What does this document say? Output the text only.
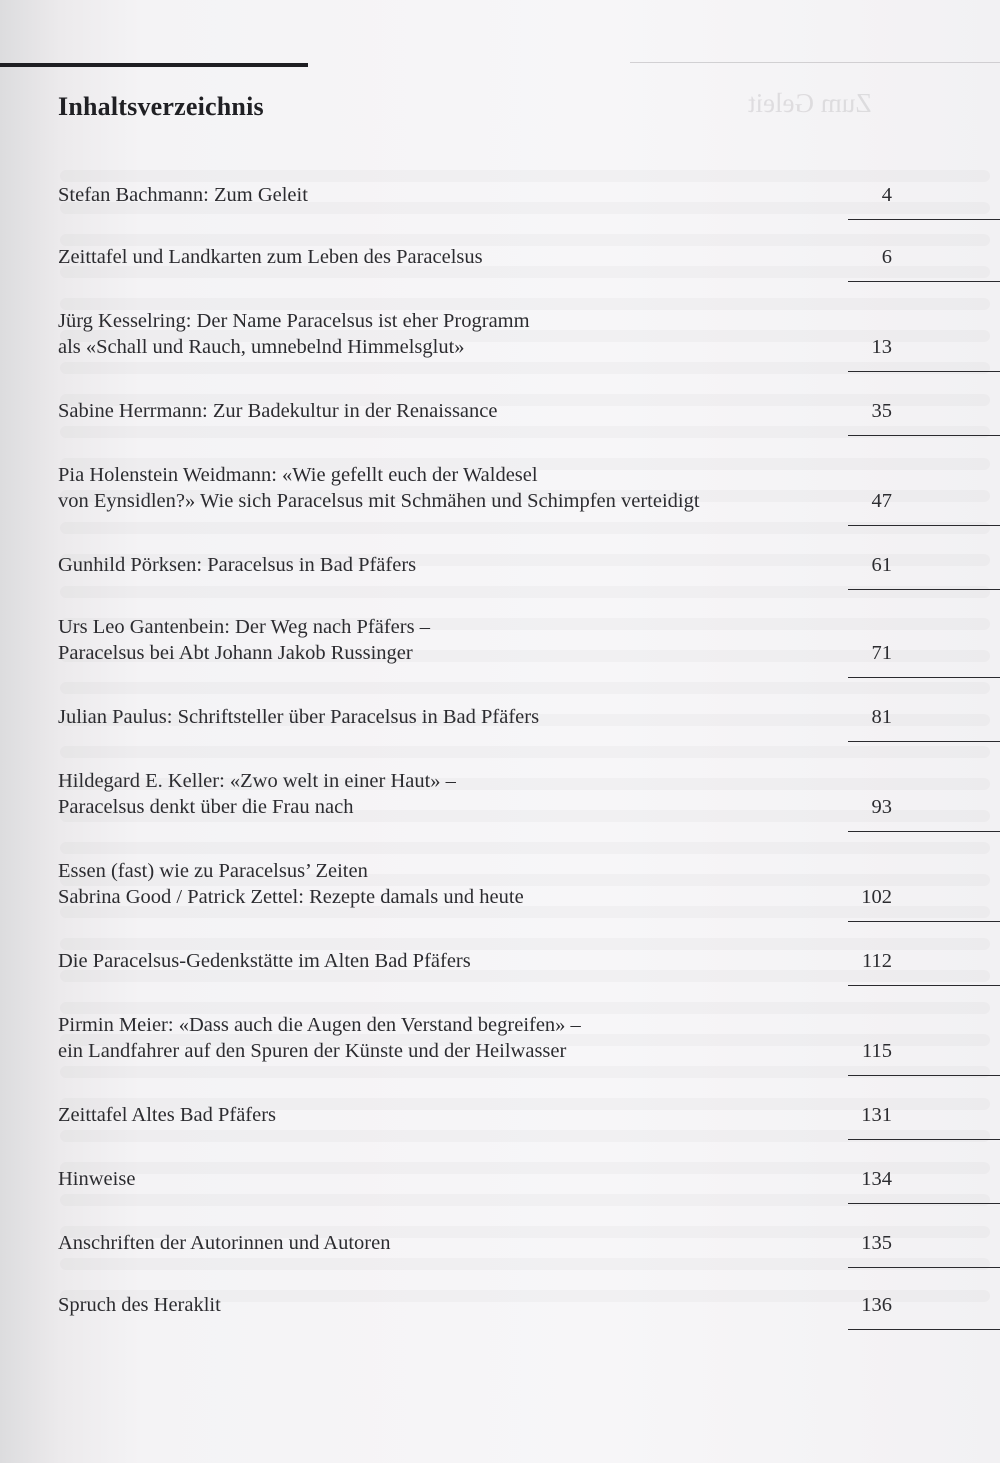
Zum Geleit
Inhaltsverzeichnis
Stefan Bachmann: Zum Geleit	4
Zeittafel und Landkarten zum Leben des Paracelsus	6
Jürg Kesselring: Der Name Paracelsus ist eher Programm
als «Schall und Rauch, umnebelnd Himmelsglut»	13
Sabine Herrmann: Zur Badekultur in der Renaissance	35
Pia Holenstein Weidmann: «Wie gefellt euch der Waldesel
von Eynsidlen?» Wie sich Paracelsus mit Schmähen und Schimpfen verteidigt	47
Gunhild Pörksen: Paracelsus in Bad Pfäfers	61
Urs Leo Gantenbein: Der Weg nach Pfäfers –
Paracelsus bei Abt Johann Jakob Russinger	71
Julian Paulus: Schriftsteller über Paracelsus in Bad Pfäfers	81
Hildegard E. Keller: «Zwo welt in einer Haut» –
Paracelsus denkt über die Frau nach	93
Essen (fast) wie zu Paracelsus’ Zeiten
Sabrina Good / Patrick Zettel: Rezepte damals und heute	102
Die Paracelsus-Gedenkstätte im Alten Bad Pfäfers	112
Pirmin Meier: «Dass auch die Augen den Verstand begreifen» –
ein Landfahrer auf den Spuren der Künste und der Heilwasser	115
Zeittafel Altes Bad Pfäfers	131
Hinweise	134
Anschriften der Autorinnen und Autoren	135
Spruch des Heraklit	136
